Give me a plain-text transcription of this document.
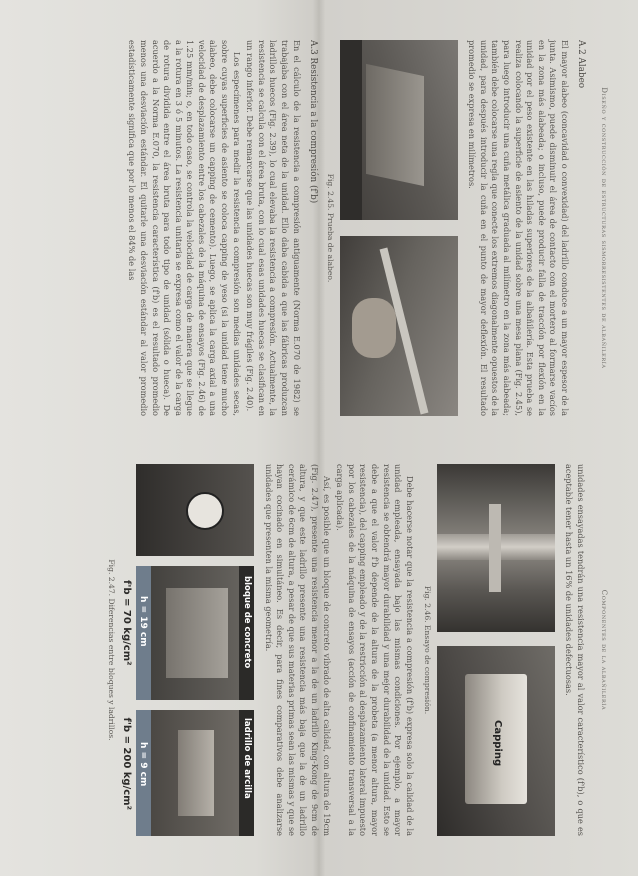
Diseño y construcción de estructuras sismorresistentes de albañilería
A.2 Alabeo

El mayor alabeo (concavidad o convexidad) del ladrillo conduce a un mayor espesor de la junta. Asimismo, puede disminuir el área de contacto con el mortero al formarse vacíos en la zona más alabeada; o incluso, puede producir falla de tracción por flexión en la unidad por el peso existente en las hiladas superiores de la albañilería. Esta prueba se realiza colocando la superficie de asiento de la unidad sobre una mesa plana (Fig. 2.45), para luego introducir una cuña metálica graduada al milímetro en la zona más alabeada; también debe colocarse una regla que conecte los extremos diagonalmente opuestos de la unidad, para después introducir la cuña en el punto de mayor deflexión. El resultado promedio se expresa en milímetros.

Fig. 2.45. Prueba de alabeo.
A.3 Resistencia a la compresión (f'b)

En el cálculo de la resistencia a compresión antiguamente (Norma E.070 de 1982) se trabajaba con el área neta de la unidad. Ello daba cabida a que las fábricas produzcan ladrillos huecos (Fig. 2.39), lo cual elevaba la resistencia a compresión. Actualmente, la resistencia se calcula con el área bruta, con lo cual esas unidades huecas se clasifican en un rango inferior. Debe remarcarse que las unidades huecas son muy frágiles (Fig. 2.40).

Los especímenes para medir la resistencia a compresión son medias unidades secas, sobre cuyas superficies de asiento se coloca capping de yeso (si la unidad tiene mucho alabeo, debe colocarse un capping de cemento). Luego, se aplica la carga axial a una velocidad de desplazamiento entre los cabezales de la máquina de ensayos (Fig. 2.46) de 1.25 mm/min; o, en todo caso, se controla la velocidad de carga de manera que se llegue a la rotura en 3 ó 5 minutos. La resistencia unitaria se expresa como el valor de la carga de rotura dividida entre el área bruta para todo tipo de unidad (sólida o hueca). De acuerdo a la Norma E.070, la resistencia característica (f'b) es el resultado promedio menos una desviación estándar. El quitarle una desviación estándar al valor promedio estadísticamente significa que por lo menos el 84% de las

Componentes de la albañilería

unidades ensayadas tendrán una resistencia mayor al valor característico (f'b), o que es aceptable tener hasta un 16% de unidades defectuosas.

Capping
Fig. 2.46. Ensayo de compresión.

Debe hacerse notar que la resistencia a compresión (f'b) expresa solo la calidad de la unidad empleada, ensayada bajo las mismas condiciones. Por ejemplo, a mayor resistencia se obtendrá mayor durabilidad y una mejor durabilidad de la unidad. Esto se debe a que el valor f'b depende de la altura de la probeta (a menor altura, mayor resistencia), del capping empleado y de la restricción al desplazamiento lateral impuesto por los cabezales de la máquina de ensayos (acción de confinamiento transversal a la carga aplicada).

Así, es posible que un bloque de concreto vibrado de alta calidad, con altura de 19cm (Fig. 2.47), presente una resistencia menor a la de un ladrillo King-Kong de 9cm de altura, y que este ladrillo presente una resistencia más baja que la de un ladrillo cerámico de 6cm de altura, a pesar de que sus materias primas sean las mismas y que se hayan cocinado en simultáneo. Es decir, para fines comparativos debe analizarse unidades que presenten la misma geometría.

bloque de concreto
h = 19 cm
ladrillo de arcilla
h = 9 cm
f'b = 70 kg/cm²
f'b = 200 kg/cm²
Fig. 2.47. Diferencias entre bloques y ladrillos.
